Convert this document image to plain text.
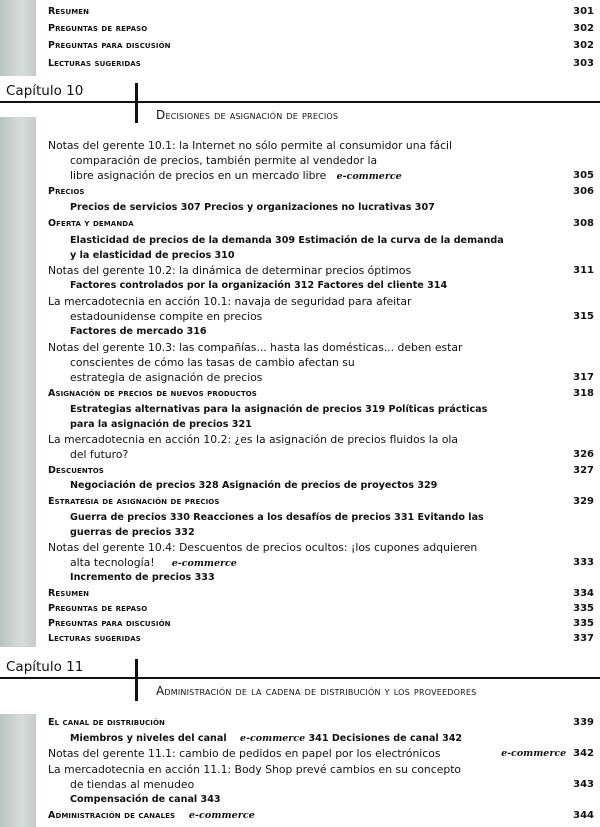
Resumen	301
Preguntas de repaso	302
Preguntas para discusión	302
Lecturas sugeridas	303
Capítulo 10
Decisiones de asignación de precios
Notas del gerente 10.1: la Internet no sólo permite al consumidor una fácil
comparación de precios, también permite al vendedor la
libre asignación de precios en un mercado libre e-commerce	305
Precios	306
Precios de servicios 307 Precios y organizaciones no lucrativas 307
Oferta y demanda	308
Elasticidad de precios de la demanda 309 Estimación de la curva de la demanda
y la elasticidad de precios 310
Notas del gerente 10.2: la dinámica de determinar precios óptimos	311
Factores controlados por la organización 312 Factores del cliente 314
La mercadotecnia en acción 10.1: navaja de seguridad para afeitar
estadounidense compite en precios	315
Factores de mercado 316
Notas del gerente 10.3: las compañías... hasta las domésticas... deben estar
conscientes de cómo las tasas de cambio afectan su
estrategia de asignación de precios	317
Asignación de precios de nuevos productos	318
Estrategias alternativas para la asignación de precios 319 Políticas prácticas
para la asignación de precios 321
La mercadotecnia en acción 10.2: ¿es la asignación de precios fluidos la ola
del futuro?	326
Descuentos	327
Negociación de precios 328 Asignación de precios de proyectos 329
Estrategia de asignación de precios	329
Guerra de precios 330 Reacciones a los desafíos de precios 331 Evitando las
guerras de precios 332
Notas del gerente 10.4: Descuentos de precios ocultos: ¡los cupones adquieren
alta tecnología! e-commerce	333
Incremento de precios 333
Resumen	334
Preguntas de repaso	335
Preguntas para discusión	335
Lecturas sugeridas	337
Capítulo 11
Administración de la cadena de distribución y los proveedores
El canal de distribución	339
Miembros y niveles del canal e-commerce 341 Decisiones de canal 342
Notas del gerente 11.1: cambio de pedidos en papel por los electrónicos	e-commerce 342
La mercadotecnia en acción 11.1: Body Shop prevé cambios en su concepto
de tiendas al menudeo	343
Compensación de canal 343
Administración de canales e-commerce	344
